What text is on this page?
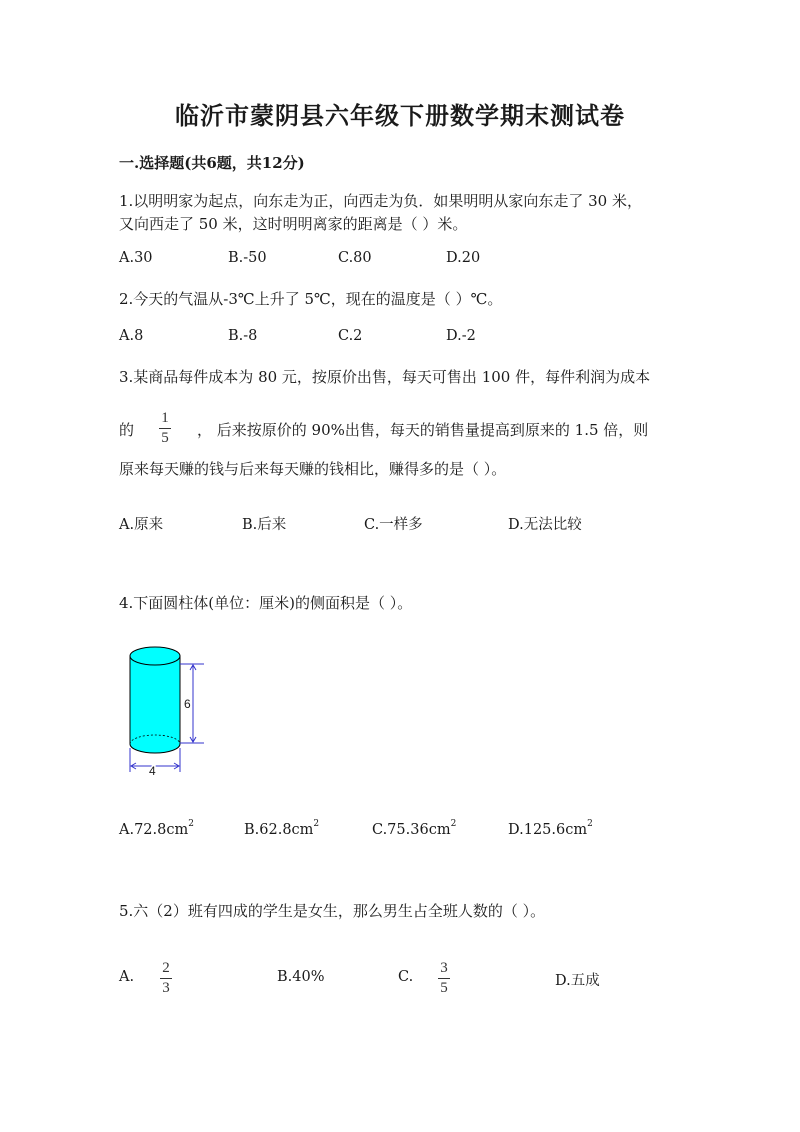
临沂市蒙阴县六年级下册数学期末测试卷
一.选择题(共6题，共12分)
1.以明明家为起点，向东走为正，向西走为负．如果明明从家向东走了 30 米，
又向西走了 50 米，这时明明离家的距离是（ ）米。
A.30	B.-50	C.80	D.20
2.今天的气温从-3℃上升了 5℃，现在的温度是（ ）℃。
A.8	B.-8	C.2	D.-2
3.某商品每件成本为 80 元，按原价出售，每天可售出 100 件，每件利润为成本
的
1
5 ， 后来按原价的 90%出售，每天的销售量提高到原来的 1.5 倍，则
原来每天赚的钱与后来每天赚的钱相比，赚得多的是（ ）。
A.原来	B.后来	C.一样多	D.无法比较
4.下面圆柱体(单位：厘米)的侧面积是（ ）。
6
4
$A.72.8cm^2$	$B.62.8cm^2$	$C.75.36cm^2$	$D.125.6cm^2$
5.六（2）班有四成的学生是女生，那么男生占全班人数的（ ）。
A.
2
3
B.40%	C.
3
5	D.五成
